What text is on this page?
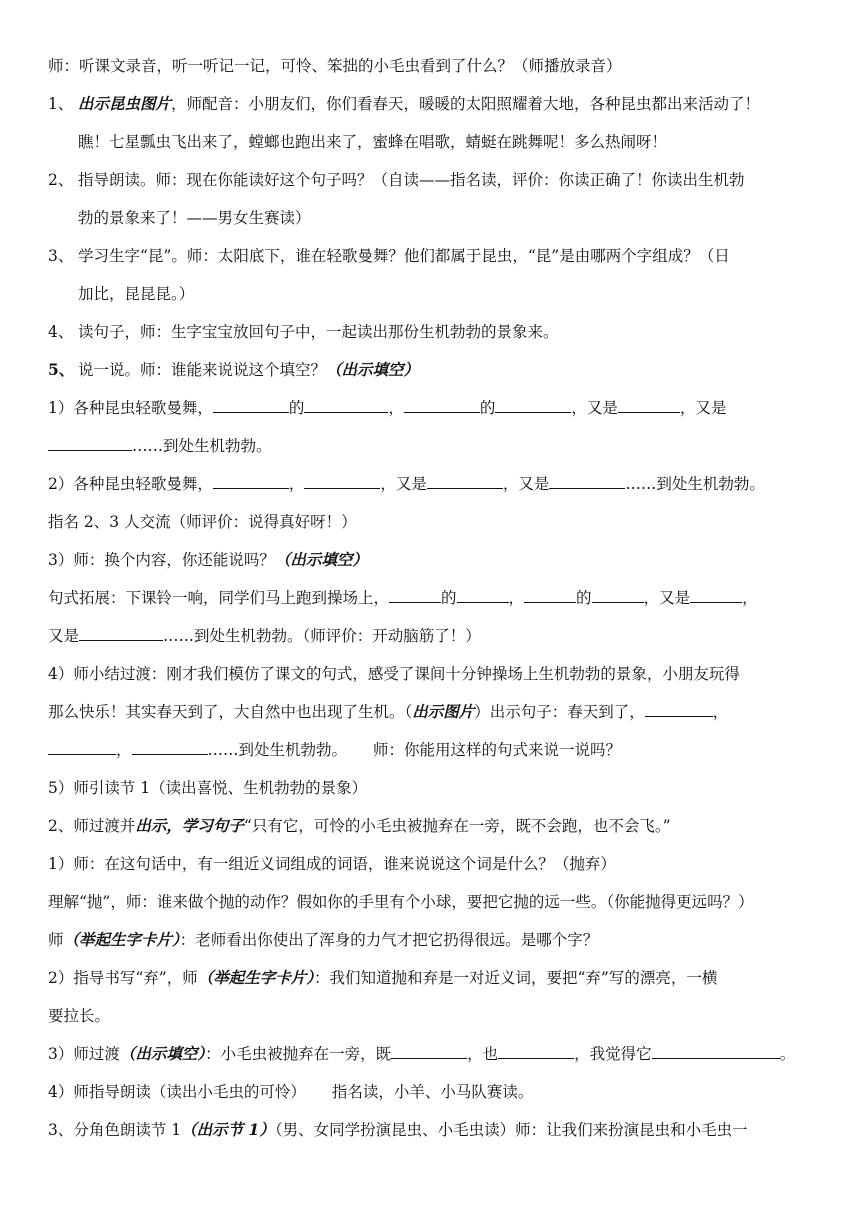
师：听课文录音，听一听记一记，可怜、笨拙的小毛虫看到了什么？（师播放录音）
1、 出示昆虫图片，师配音：小朋友们，你们看春天，暖暖的太阳照耀着大地，各种昆虫都出来活动了！
瞧！七星瓢虫飞出来了，螳螂也跑出来了，蜜蜂在唱歌，蜻蜓在跳舞呢！多么热闹呀！
2、 指导朗读。师：现在你能读好这个句子吗？（自读——指名读，评价：你读正确了！你读出生机勃
勃的景象来了！——男女生赛读）
3、 学习生字“昆”。师：太阳底下，谁在轻歌曼舞？他们都属于昆虫，“昆”是由哪两个字组成？（日
加比，昆昆昆。）
4、 读句子，师：生字宝宝放回句子中，一起读出那份生机勃勃的景象来。
5、 说一说。师：谁能来说说这个填空？（出示填空）
1）各种昆虫轻歌曼舞，	的	，	的	，又是	，又是
……到处生机勃勃。
2）各种昆虫轻歌曼舞，	，	，又是	，又是	……到处生机勃勃。
指名 2、3 人交流（师评价：说得真好呀！）
3）师：换个内容，你还能说吗？（出示填空）
句式拓展：下课铃一响，同学们马上跑到操场上，	的	，	的	，又是	，
又是	……到处生机勃勃。（师评价：开动脑筋了！）
4）师小结过渡：刚才我们模仿了课文的句式，感受了课间十分钟操场上生机勃勃的景象，小朋友玩得
那么快乐！其实春天到了，大自然中也出现了生机。（出示图片）出示句子：春天到了，	，
，	……到处生机勃勃。 师：你能用这样的句式来说一说吗？
5）师引读节 1（读出喜悦、生机勃勃的景象）
2、师过渡并出示，学习句子“只有它，可怜的小毛虫被抛弃在一旁，既不会跑，也不会飞。”
1）师：在这句话中，有一组近义词组成的词语，谁来说说这个词是什么？（抛弃）
理解“抛”，师：谁来做个抛的动作？假如你的手里有个小球，要把它抛的远一些。（你能抛得更远吗？）
师（举起生字卡片）：老师看出你使出了浑身的力气才把它扔得很远。是哪个字？
2）指导书写“弃”，师（举起生字卡片）：我们知道抛和弃是一对近义词，要把“弃”写的漂亮，一横
要拉长。
3）师过渡（出示填空）：小毛虫被抛弃在一旁，既	，也	，我觉得它	。
4）师指导朗读（读出小毛虫的可怜） 指名读，小羊、小马队赛读。
3、分角色朗读节 1（出示节 1）（男、女同学扮演昆虫、小毛虫读）师：让我们来扮演昆虫和小毛虫一
